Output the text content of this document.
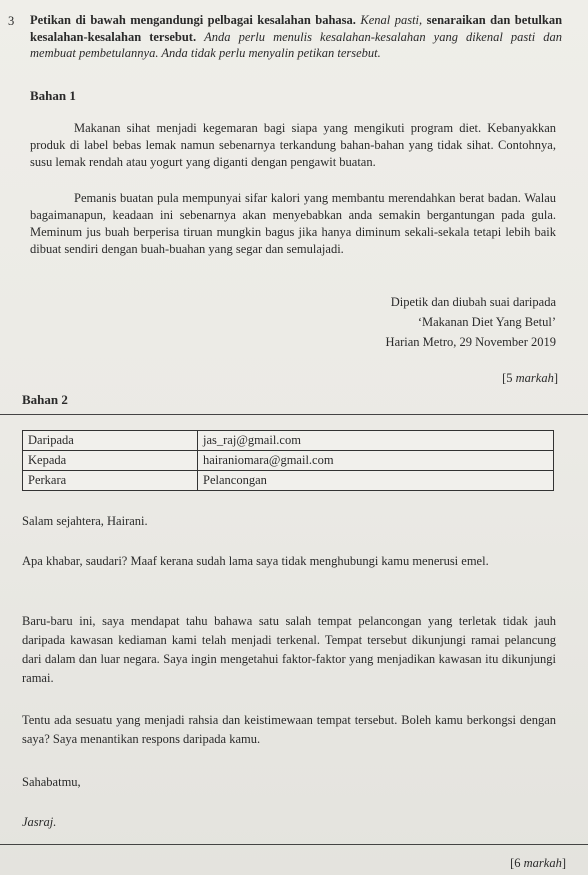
3 Petikan di bawah mengandungi pelbagai kesalahan bahasa. Kenal pasti, senaraikan dan betulkan kesalahan-kesalahan tersebut. Anda perlu menulis kesalahan-kesalahan yang dikenal pasti dan membuat pembetulannya. Anda tidak perlu menyalin petikan tersebut.

Bahan 1

Makanan sihat menjadi kegemaran bagi siapa yang mengikuti program diet. Kebanyakkan produk di label bebas lemak namun sebenarnya terkandung bahan-bahan yang tidak sihat. Contohnya, susu lemak rendah atau yogurt yang diganti dengan pengawit buatan.

Pemanis buatan pula mempunyai sifar kalori yang membantu merendahkan berat badan. Walau bagaimanapun, keadaan ini sebenarnya akan menyebabkan anda semakin bergantungan pada gula. Meminum jus buah berperisa tiruan mungkin bagus jika hanya diminum sekali-sekala tetapi lebih baik dibuat sendiri dengan buah-buahan yang segar dan semulajadi.

Dipetik dan diubah suai daripada
‘Makanan Diet Yang Betul’
Harian Metro, 29 November 2019
[5 markah]
Bahan 2
Daripada	jas_raj@gmail.com
Kepada	hairaniomara@gmail.com
Perkara	Pelancongan

Salam sejahtera, Hairani.

Apa khabar, saudari? Maaf kerana sudah lama saya tidak menghubungi kamu menerusi emel.

Baru-baru ini, saya mendapat tahu bahawa satu salah tempat pelancongan yang terletak tidak jauh daripada kawasan kediaman kami telah menjadi terkenal. Tempat tersebut dikunjungi ramai pelancung dari dalam dan luar negara. Saya ingin mengetahui faktor-faktor yang menjadikan kawasan itu dikunjungi ramai.

Tentu ada sesuatu yang menjadi rahsia dan keistimewaan tempat tersebut. Boleh kamu berkongsi dengan saya? Saya menantikan respons daripada kamu.

Sahabatmu,

Jasraj.

[6 markah]
